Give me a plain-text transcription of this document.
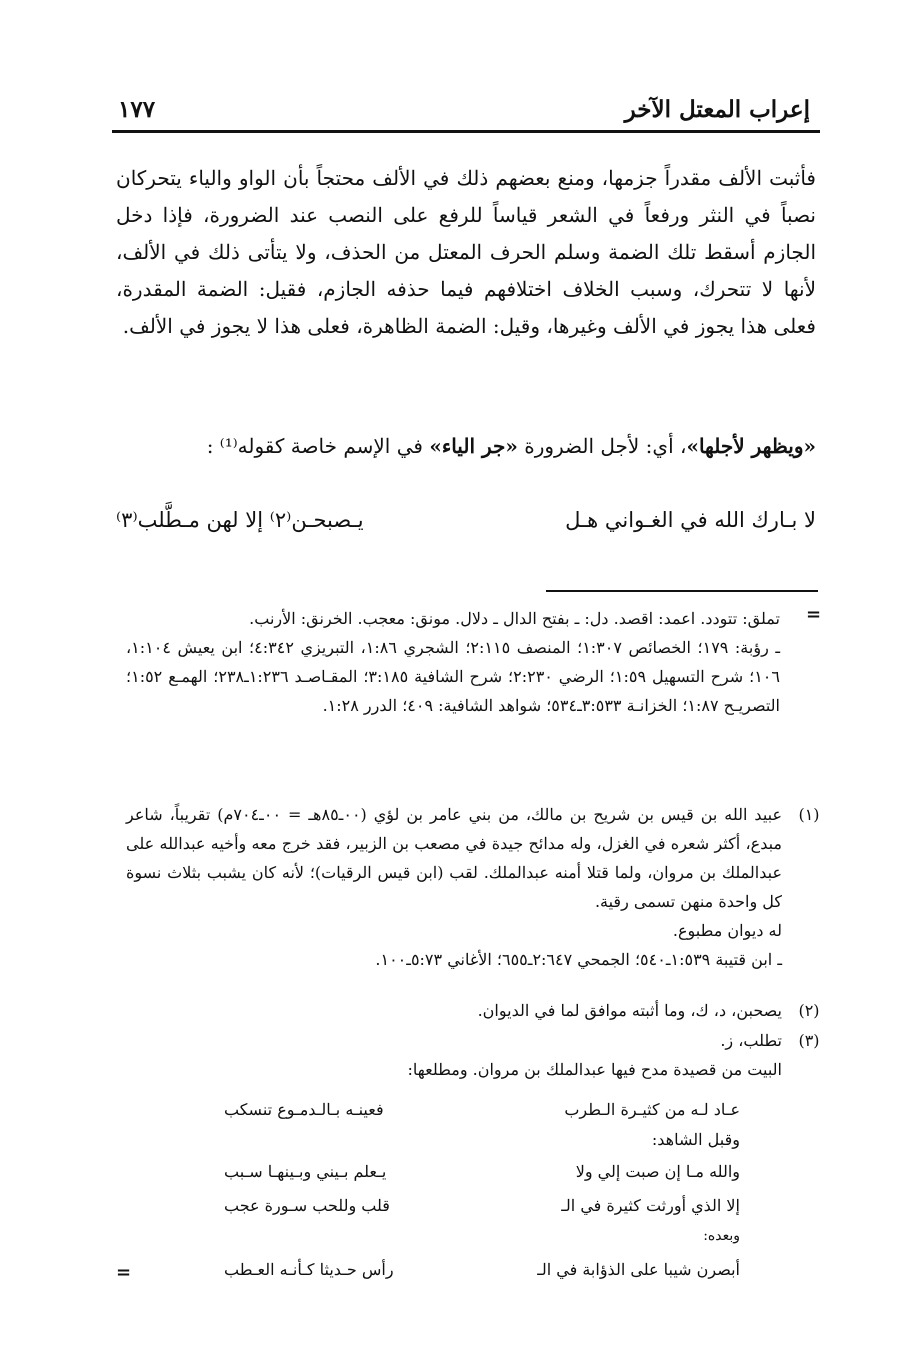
إعراب المعتل الآخر
١٧٧

فأثبت الألف مقدراً جزمها، ومنع بعضهم ذلك في الألف محتجاً بأن الواو والياء يتحركان نصباً في النثر ورفعاً في الشعر قياساً للرفع على النصب عند الضرورة، فإذا دخل الجازم أسقط تلك الضمة وسلم الحرف المعتل من الحذف، ولا يتأتى ذلك في الألف، لأنها لا تتحرك، وسبب الخلاف اختلافهم فيما حذفه الجازم، فقيل: الضمة المقدرة، فعلى هذا يجوز في الألف وغيرها، وقيل: الضمة الظاهرة، فعلى هذا لا يجوز في الألف.

«ويظهر لأجلها»، أي: لأجل الضرورة «جر الياء» في الإسم خاصة كقوله⁽¹⁾ :

لا بـارك الله في الغـواني هـل
يـصبحـن⁽٢⁾ إلا لهن مـطَّلب⁽٣⁾
=

تملق: تتودد. اعمد: اقصد. دل: ـ بفتح الدال ـ دلال. مونق: معجب. الخرنق: الأرنب.

ـ رؤبة: ١٧٩؛ الخصائص ١:٣٠٧؛ المنصف ٢:١١٥؛ الشجري ١:٨٦، التبريزي ٤:٣٤٢؛ ابن يعيش ١:١٠٤، ١٠٦؛ شرح التسهيل ١:٥٩؛ الرضي ٢:٢٣٠؛ شرح الشافية ٣:١٨٥؛ المقـاصـد ١:٢٣٦ـ٢٣٨؛ الهمـع ١:٥٢؛ التصريـح ١:٨٧؛ الخزانـة ٣:٥٣٣ـ٥٣٤؛ شواهد الشافية: ٤٠٩؛ الدرر ١:٢٨.

(١)

عبيد الله بن قيس بن شريح بن مالك، من بني عامر بن لؤي (٠٠ـ٨٥هـ = ٠٠ـ٧٠٤م) تقريباً، شاعر مبدع، أكثر شعره في الغزل، وله مدائح جيدة في مصعب بن الزبير، فقد خرج معه وأخيه عبدالله على عبدالملك بن مروان، ولما قتلا أمنه عبدالملك. لقب (ابن قيس الرقيات)؛ لأنه كان يشبب بثلاث نسوة كل واحدة منهن تسمى رقية.

له ديوان مطبوع.

ـ ابن قتيبة ١:٥٣٩ـ٥٤٠؛ الجمحي ٢:٦٤٧ـ٦٥٥؛ الأغاني ٥:٧٣ـ١٠٠.

(٢)

يصحبن، د، ك، وما أثبته موافق لما في الديوان.

(٣)

تطلب، ز.

البيت من قصيدة مدح فيها عبدالملك بن مروان. ومطلعها:

عـاد لـه من كثيـرة الـطرب
فعينـه بـالـدمـوع تنسكب
وقبل الشاهد:
والله مـا إن صبت إلي ولا
يـعلم بـيني وبـينهـا سـبب
إلا الذي أورثت كثيرة في الـ
قلب وللحب سـورة عجب
وبعده:
أبصرن شيبا على الذؤابة في الـ
رأس حـديثا كـأنـه العـطب
=
